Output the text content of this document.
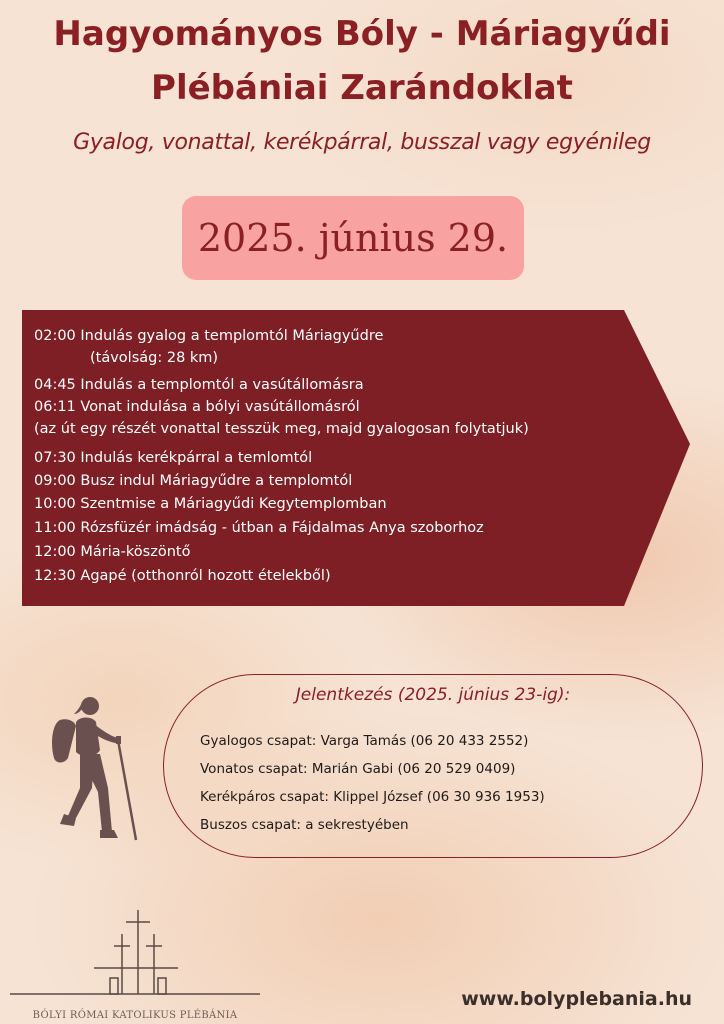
Hagyományos Bóly - Máriagyűdi
Plébániai Zarándoklat

Gyalog, vonattal, kerékpárral, busszal vagy egyénileg

2025. június 29.
02:00 Indulás gyalog a templomtól Máriagyűdre
(távolság: 28 km)
04:45 Indulás a templomtól a vasútállomásra
06:11 Vonat indulása a bólyi vasútállomásról
(az út egy részét vonattal tesszük meg, majd gyalogosan folytatjuk)
07:30 Indulás kerékpárral a temlomtól
09:00 Busz indul Máriagyűdre a templomtól
10:00 Szentmise a Máriagyűdi Kegytemplomban
11:00 Rózsfüzér imádság - útban a Fájdalmas Anya szoborhoz
12:00 Mária-köszöntő
12:30 Agapé (otthonról hozott ételekből)
Jelentkezés (2025. június 23-ig):
Gyalogos csapat: Varga Tamás (06 20 433 2552)
Vonatos csapat: Marián Gabi (06 20 529 0409)
Kerékpáros csapat: Klippel József (06 30 936 1953)
Buszos csapat: a sekrestyében
BÓLYI RÓMAI KATOLIKUS PLÉBÁNIA
www.bolyplebania.hu
